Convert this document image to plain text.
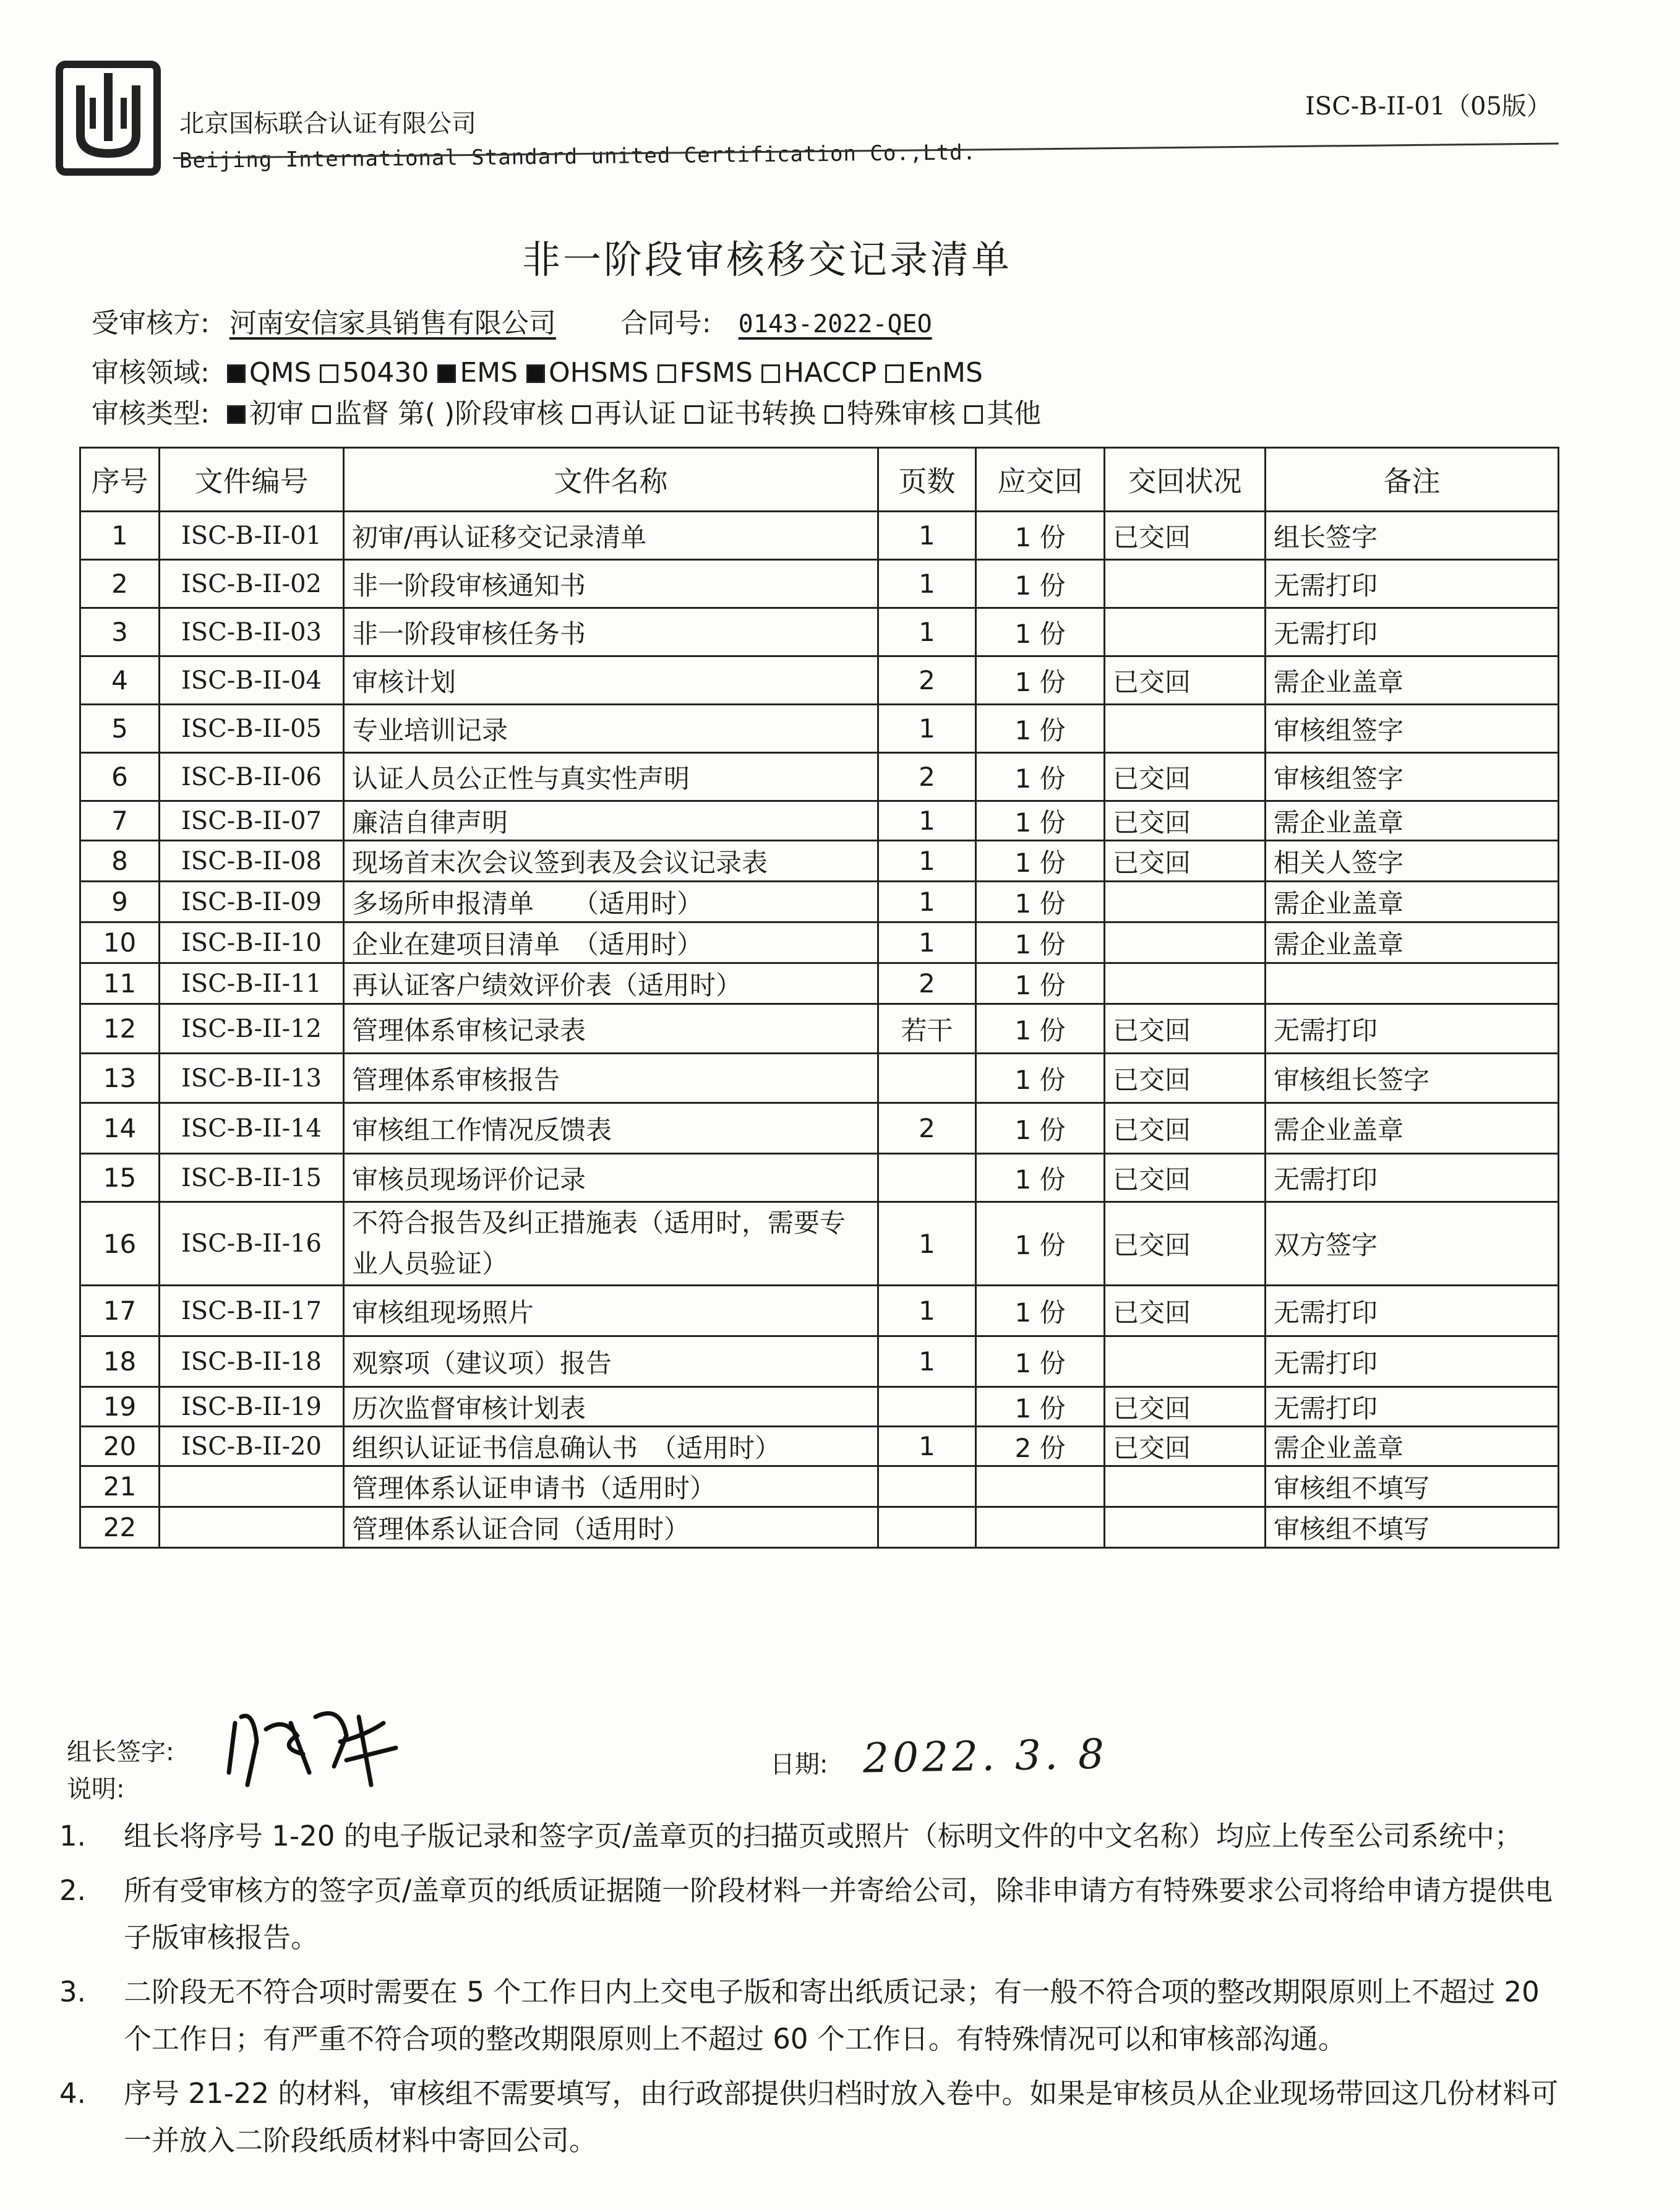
北京国标联合认证有限公司
Beijing International Standard united Certification Co.,Ltd.
ISC-B-II-01（05版）
非一阶段审核移交记录清单
受审核方: 河南安信家具销售有限公司 合同号: 0143-2022-QEO
审核领域: QMS 50430 EMS OHSMS FSMS HACCP EnMS
审核类型: 初审 监督 第( )阶段审核 再认证 证书转换 特殊审核 其他
序号	文件编号	文件名称	页数	应交回	交回状况	备注
1	ISC-B-II-01	初审/再认证移交记录清单	1	1 份	已交回	组长签字
2	ISC-B-II-02	非一阶段审核通知书	1	1 份		无需打印
3	ISC-B-II-03	非一阶段审核任务书	1	1 份		无需打印
4	ISC-B-II-04	审核计划	2	1 份	已交回	需企业盖章
5	ISC-B-II-05	专业培训记录	1	1 份		审核组签字
6	ISC-B-II-06	认证人员公正性与真实性声明	2	1 份	已交回	审核组签字
7	ISC-B-II-07	廉洁自律声明	1	1 份	已交回	需企业盖章
8	ISC-B-II-08	现场首末次会议签到表及会议记录表	1	1 份	已交回	相关人签字
9	ISC-B-II-09	多场所申报清单　　（适用时）	1	1 份		需企业盖章
10	ISC-B-II-10	企业在建项目清单　（适用时）	1	1 份		需企业盖章
11	ISC-B-II-11	再认证客户绩效评价表（适用时）	2	1 份		
12	ISC-B-II-12	管理体系审核记录表	若干	1 份	已交回	无需打印
13	ISC-B-II-13	管理体系审核报告		1 份	已交回	审核组长签字
14	ISC-B-II-14	审核组工作情况反馈表	2	1 份	已交回	需企业盖章
15	ISC-B-II-15	审核员现场评价记录		1 份	已交回	无需打印
16	ISC-B-II-16	不符合报告及纠正措施表（适用时，需要专业人员验证）	1	1 份	已交回	双方签字
17	ISC-B-II-17	审核组现场照片	1	1 份	已交回	无需打印
18	ISC-B-II-18	观察项（建议项）报告	1	1 份		无需打印
19	ISC-B-II-19	历次监督审核计划表		1 份	已交回	无需打印
20	ISC-B-II-20	组织认证证书信息确认书　（适用时）	1	2 份	已交回	需企业盖章
21		管理体系认证申请书（适用时）				审核组不填写
22		管理体系认证合同（适用时）				审核组不填写
组长签字:	日期: 2022. 3. 8
说明:
1.	组长将序号 1-20 的电子版记录和签字页/盖章页的扫描页或照片（标明文件的中文名称）均应上传至公司系统中；
2.	所有受审核方的签字页/盖章页的纸质证据随一阶段材料一并寄给公司，除非申请方有特殊要求公司将给申请方提供电子版审核报告。
3.	二阶段无不符合项时需要在 5 个工作日内上交电子版和寄出纸质记录；有一般不符合项的整改期限原则上不超过 20 个工作日；有严重不符合项的整改期限原则上不超过 60 个工作日。有特殊情况可以和审核部沟通。
4.	序号 21-22 的材料，审核组不需要填写，由行政部提供归档时放入卷中。如果是审核员从企业现场带回这几份材料可一并放入二阶段纸质材料中寄回公司。
